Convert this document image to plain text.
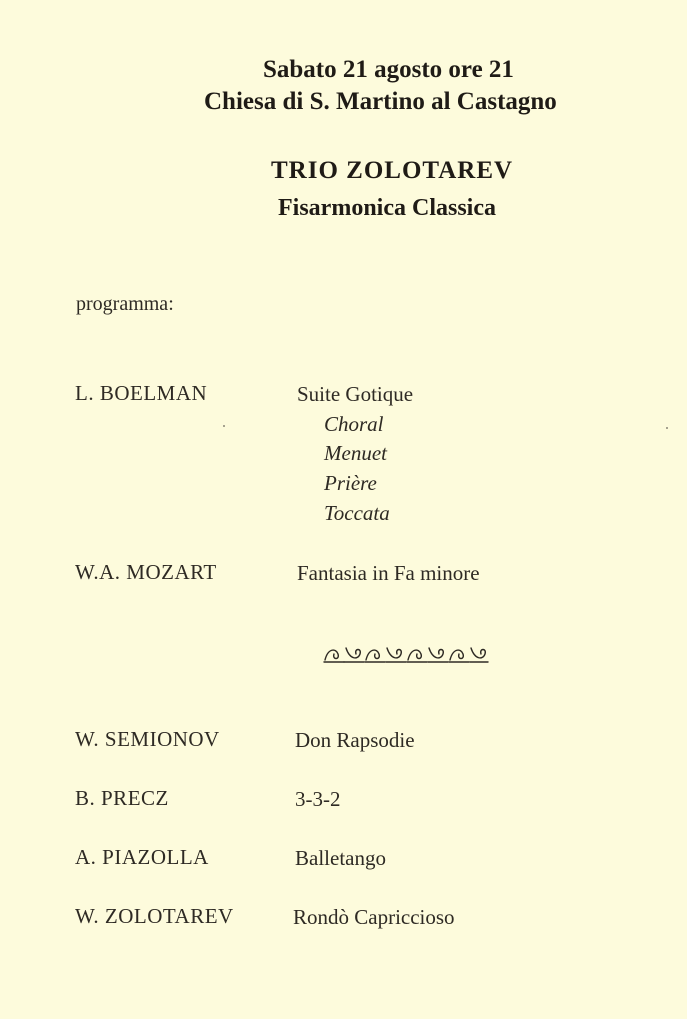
Sabato 21 agosto ore 21
Chiesa di S. Martino al Castagno
TRIO ZOLOTAREV
Fisarmonica Classica
programma:
L. BOELMAN	Suite Gotique
Choral
Menuet
Prière
Toccata
W.A. MOZART	Fantasia in Fa minore
W. SEMIONOV	Don Rapsodie
B. PRECZ	3-3-2
A. PIAZOLLA	Balletango
W. ZOLOTAREV	Rondò Capriccioso
